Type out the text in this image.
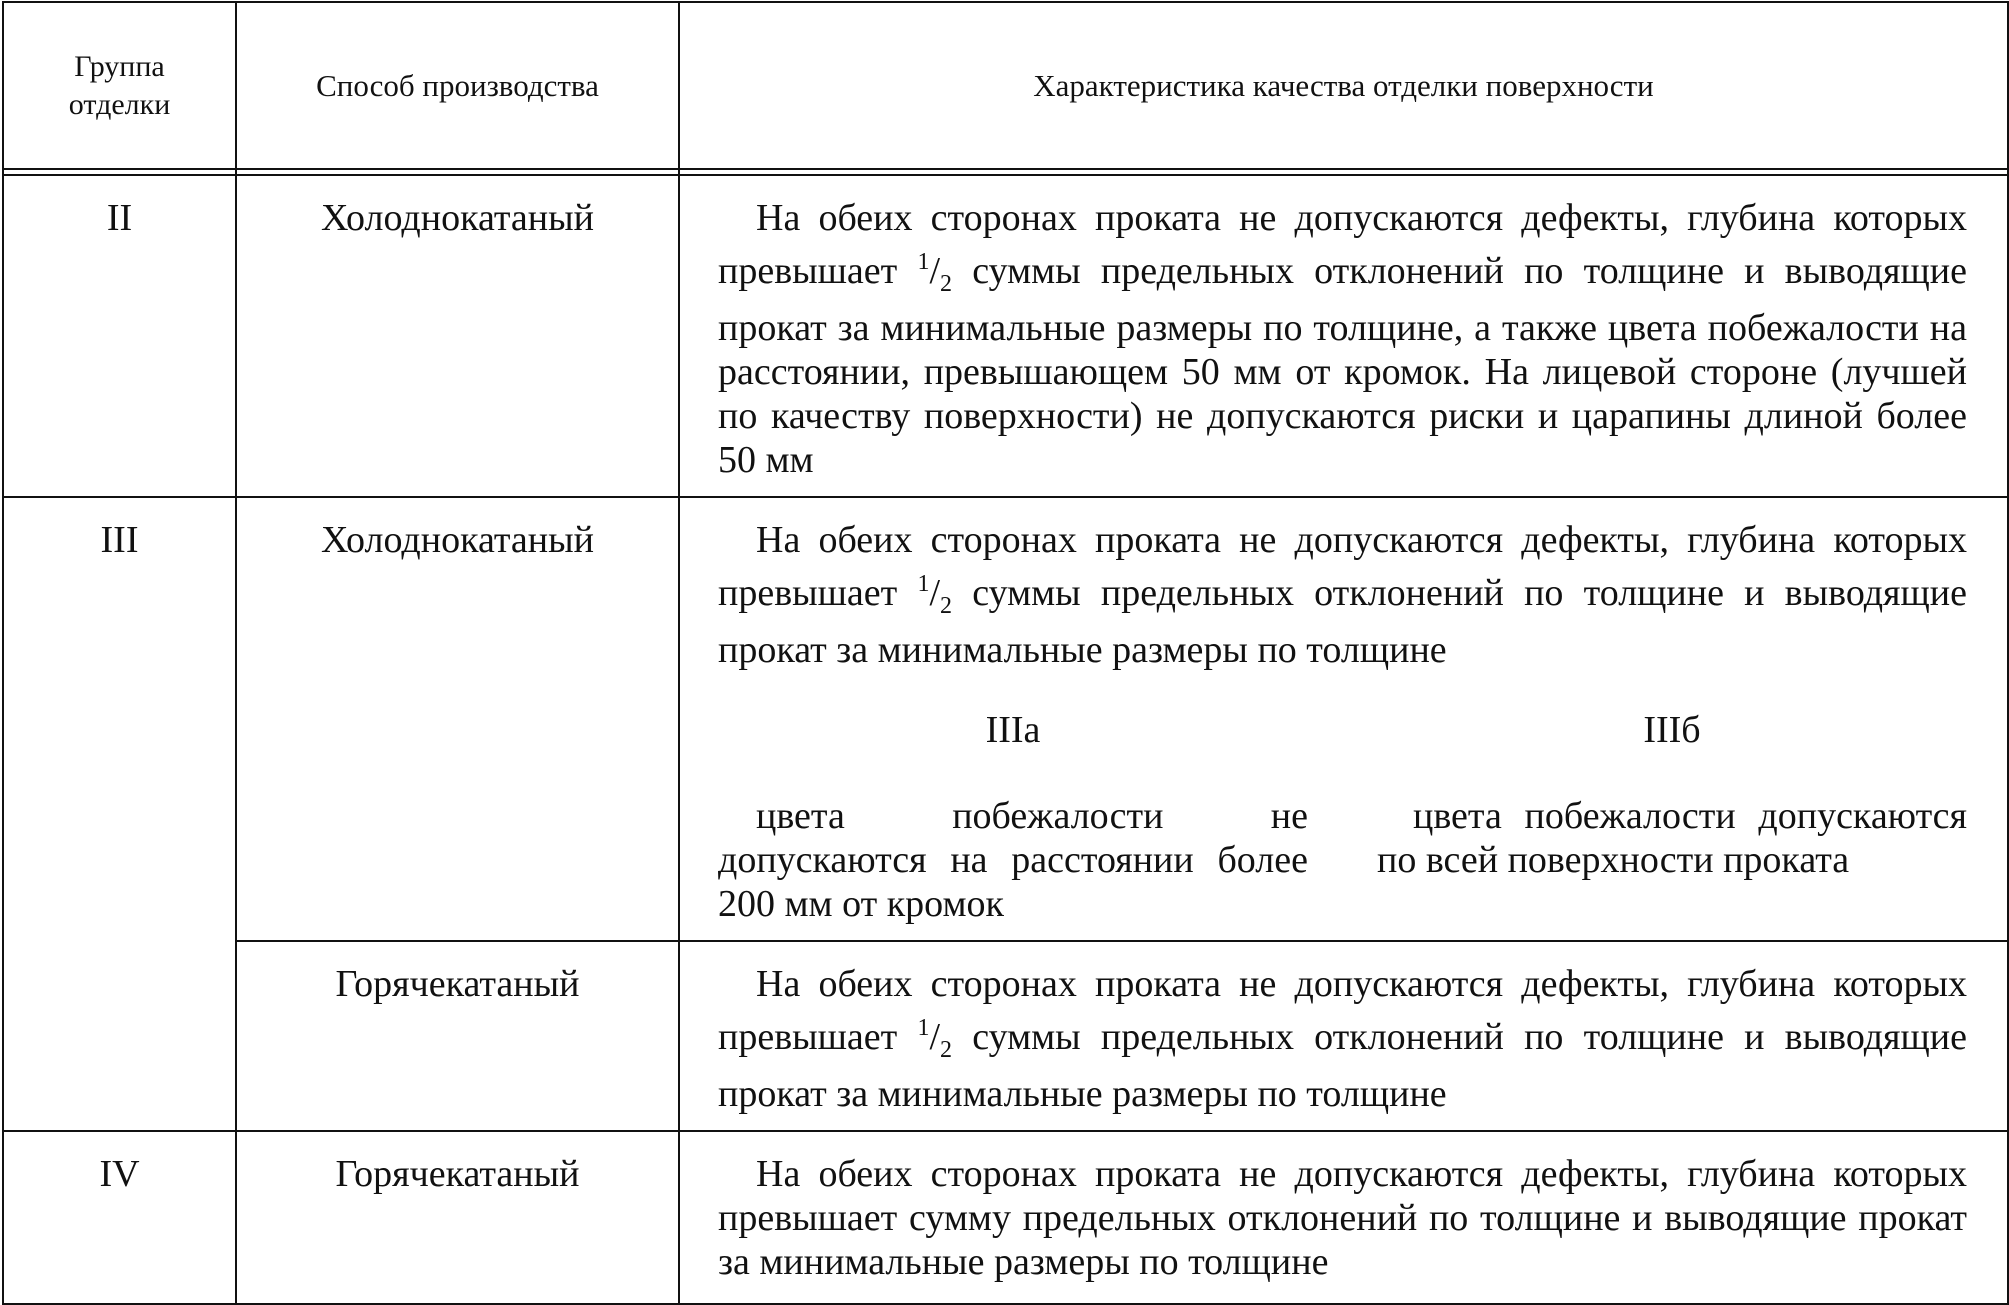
Группа
отделки	Способ производства	Характеристика качества отделки поверхности

II	Холоднокатаный	На обеих сторонах проката не допускаются дефекты, глубина которых превышает $^1/_2$ суммы предельных отклонений по толщине и выводящие прокат за минимальные размеры по толщине, а также цвета побежалости на расстоянии, превышающем 50 мм от кромок. На лицевой стороне (лучшей по качеству поверхности) не допускаются риски и царапины длиной более 50 мм

III	Холоднокатаный	На обеих сторонах проката не допускаются дефекты, глубина которых превышает $^1/_2$ суммы предельных отклонений по толщине и выводящие прокат за минимальные размеры по толщине
IIIа
цвета побежалости не допускаются на расстоянии более 200 мм от кромок
IIIб
цвета побежалости допускаются по всей поверхности проката

	Горячекатаный	На обеих сторонах проката не допускаются дефекты, глубина которых превышает $^1/_2$ суммы предельных отклонений по толщине и выводящие прокат за минимальные размеры по толщине

IV	Горячекатаный	На обеих сторонах проката не допускаются дефекты, глубина которых превышает сумму предельных отклонений по толщине и выводящие прокат за минимальные размеры по толщине
